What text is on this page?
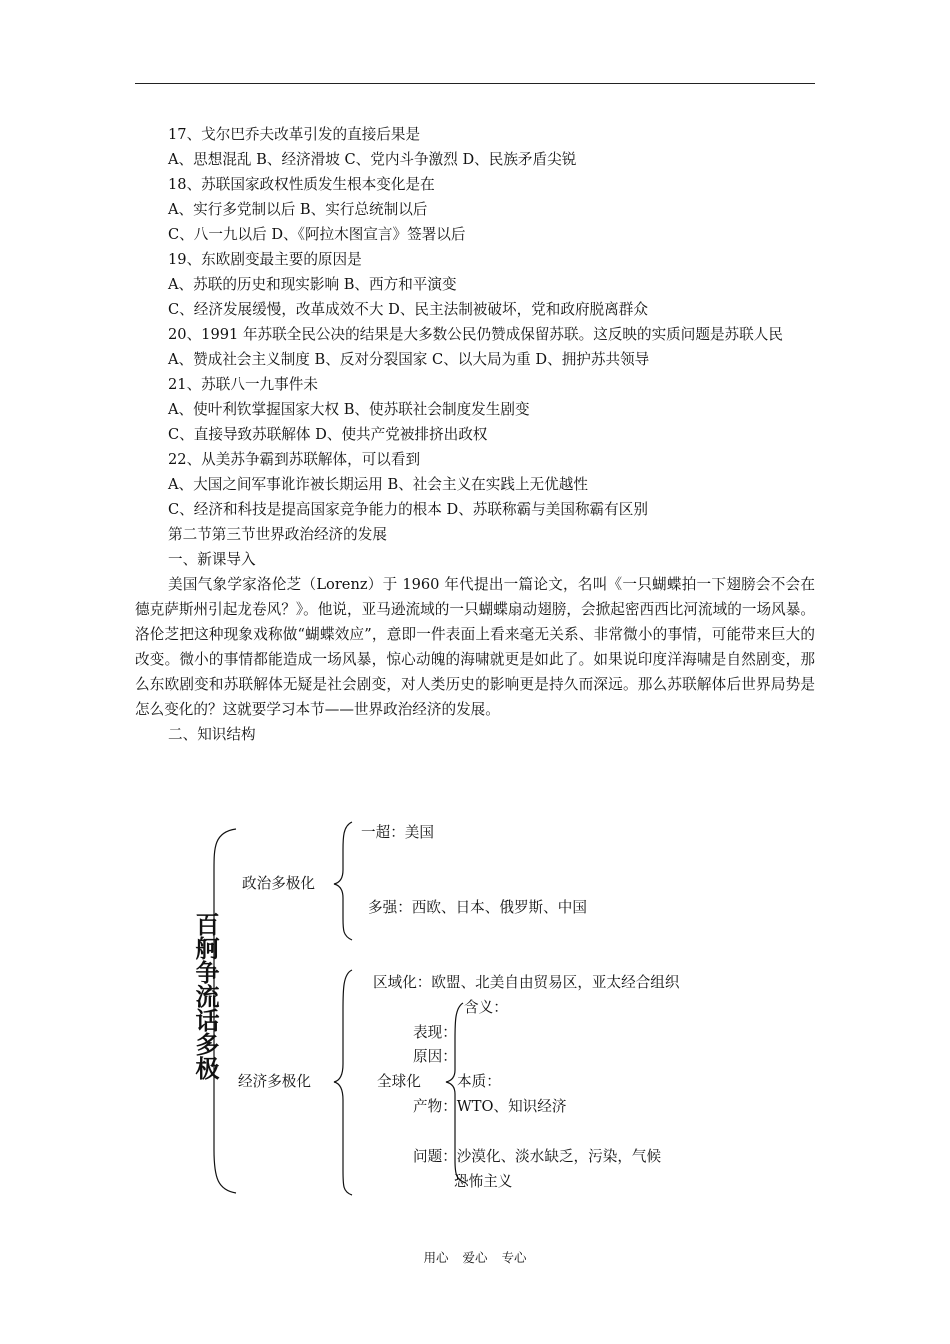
17、戈尔巴乔夫改革引发的直接后果是
A、思想混乱 B、经济滑坡 C、党内斗争激烈 D、民族矛盾尖锐
18、苏联国家政权性质发生根本变化是在
A、实行多党制以后 B、实行总统制以后
C、八一九以后 D、《阿拉木图宣言》签署以后
19、东欧剧变最主要的原因是
A、苏联的历史和现实影响 B、西方和平演变
C、经济发展缓慢，改革成效不大 D、民主法制被破坏，党和政府脱离群众
20、1991 年苏联全民公决的结果是大多数公民仍赞成保留苏联。这反映的实质问题是苏联人民
A、赞成社会主义制度 B、反对分裂国家 C、以大局为重 D、拥护苏共领导
21、苏联八一九事件未
A、使叶利钦掌握国家大权 B、使苏联社会制度发生剧变
C、直接导致苏联解体 D、使共产党被排挤出政权
22、从美苏争霸到苏联解体，可以看到
A、大国之间军事讹诈被长期运用 B、社会主义在实践上无优越性
C、经济和科技是提高国家竞争能力的根本 D、苏联称霸与美国称霸有区别
第二节第三节世界政治经济的发展
一、新课导入
美国气象学家洛伦芝（Lorenz）于 1960 年代提出一篇论文，名叫《一只蝴蝶拍一下翅膀会不会在德克萨斯州引起龙卷风？》。他说，亚马逊流域的一只蝴蝶扇动翅膀，会掀起密西西比河流域的一场风暴。洛伦芝把这种现象戏称做“蝴蝶效应”，意即一件表面上看来毫无关系、非常微小的事情，可能带来巨大的改变。微小的事情都能造成一场风暴，惊心动魄的海啸就更是如此了。如果说印度洋海啸是自然剧变，那么东欧剧变和苏联解体无疑是社会剧变，对人类历史的影响更是持久而深远。那么苏联解体后世界局势是怎么变化的？这就要学习本节——世界政治经济的发展。
二、知识结构
百舸争流话多极
政治多极化
一超：美国
多强：西欧、日本、俄罗斯、中国
经济多极化
区域化：欧盟、北美自由贸易区，亚太经合组织
全球化
含义：
表现：
原因：
本质：
产物：WTO、知识经济
问题：沙漠化、淡水缺乏，污染，气候
恐怖主义
用心 爱心 专心
